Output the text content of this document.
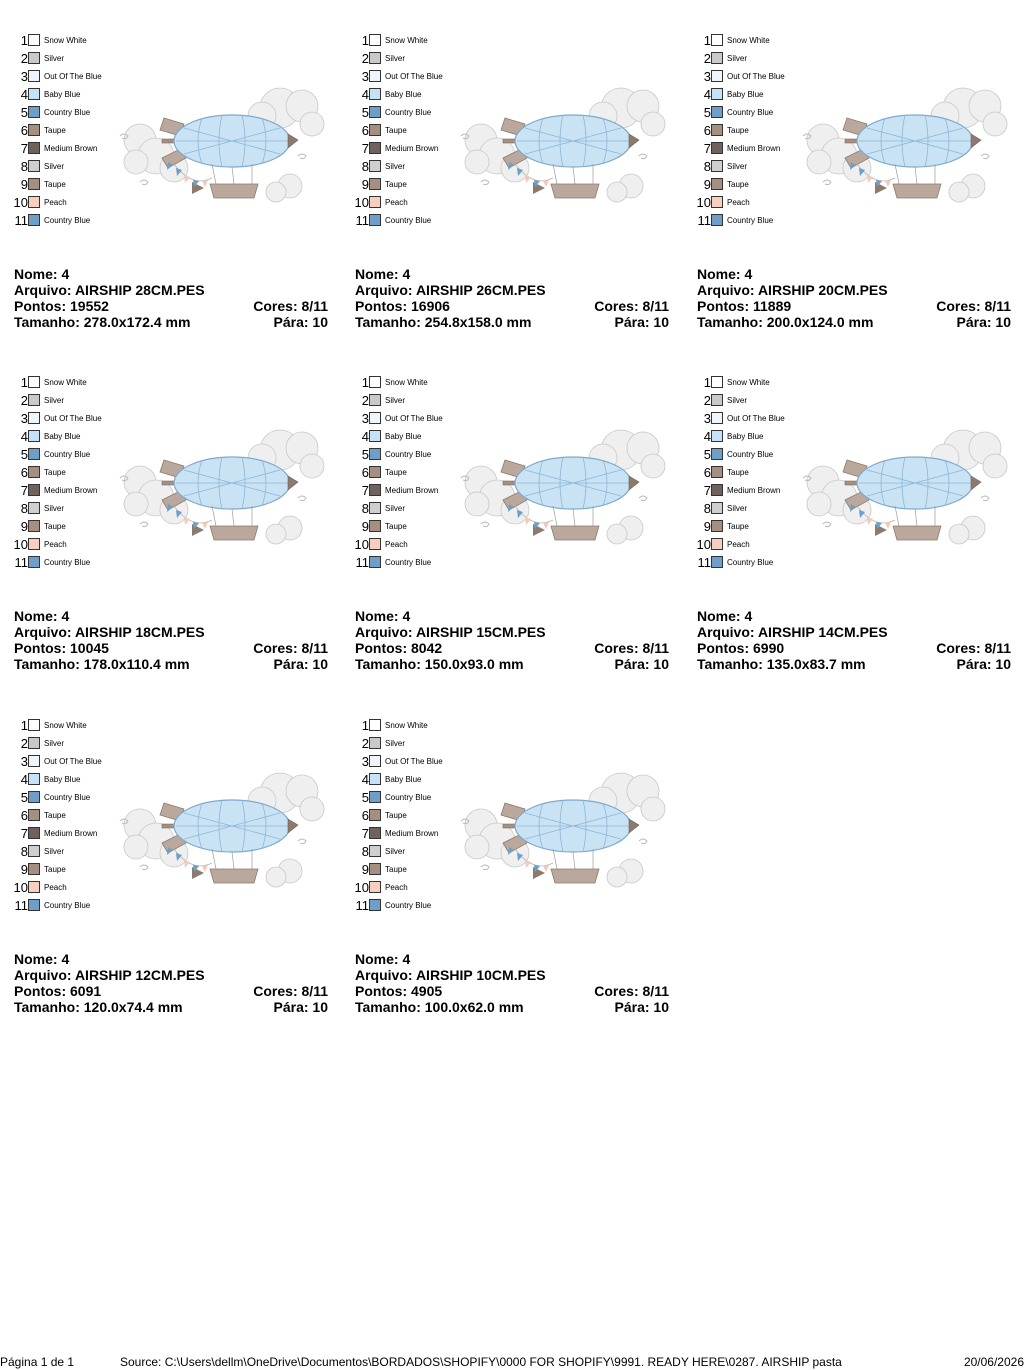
1 Snow White
2 Silver
3 Out Of The Blue
4 Baby Blue
5 Country Blue
6 Taupe
7 Medium Brown
8 Silver
9 Taupe
10 Peach
11 Country Blue
Nome: 4
Arquivo: AIRSHIP 28CM.PES
Pontos: 19552	Cores: 8/11
Tamanho: 278.0x172.4 mm	Pára: 10
1 Snow White
2 Silver
3 Out Of The Blue
4 Baby Blue
5 Country Blue
6 Taupe
7 Medium Brown
8 Silver
9 Taupe
10 Peach
11 Country Blue
Nome: 4
Arquivo: AIRSHIP 26CM.PES
Pontos: 16906	Cores: 8/11
Tamanho: 254.8x158.0 mm	Pára: 10
1 Snow White
2 Silver
3 Out Of The Blue
4 Baby Blue
5 Country Blue
6 Taupe
7 Medium Brown
8 Silver
9 Taupe
10 Peach
11 Country Blue
Nome: 4
Arquivo: AIRSHIP 20CM.PES
Pontos: 11889	Cores: 8/11
Tamanho: 200.0x124.0 mm	Pára: 10
1 Snow White
2 Silver
3 Out Of The Blue
4 Baby Blue
5 Country Blue
6 Taupe
7 Medium Brown
8 Silver
9 Taupe
10 Peach
11 Country Blue
Nome: 4
Arquivo: AIRSHIP 18CM.PES
Pontos: 10045	Cores: 8/11
Tamanho: 178.0x110.4 mm	Pára: 10
1 Snow White
2 Silver
3 Out Of The Blue
4 Baby Blue
5 Country Blue
6 Taupe
7 Medium Brown
8 Silver
9 Taupe
10 Peach
11 Country Blue
Nome: 4
Arquivo: AIRSHIP 15CM.PES
Pontos: 8042	Cores: 8/11
Tamanho: 150.0x93.0 mm	Pára: 10
1 Snow White
2 Silver
3 Out Of The Blue
4 Baby Blue
5 Country Blue
6 Taupe
7 Medium Brown
8 Silver
9 Taupe
10 Peach
11 Country Blue
Nome: 4
Arquivo: AIRSHIP 14CM.PES
Pontos: 6990	Cores: 8/11
Tamanho: 135.0x83.7 mm	Pára: 10
1 Snow White
2 Silver
3 Out Of The Blue
4 Baby Blue
5 Country Blue
6 Taupe
7 Medium Brown
8 Silver
9 Taupe
10 Peach
11 Country Blue
Nome: 4
Arquivo: AIRSHIP 12CM.PES
Pontos: 6091	Cores: 8/11
Tamanho: 120.0x74.4 mm	Pára: 10
1 Snow White
2 Silver
3 Out Of The Blue
4 Baby Blue
5 Country Blue
6 Taupe
7 Medium Brown
8 Silver
9 Taupe
10 Peach
11 Country Blue
Nome: 4
Arquivo: AIRSHIP 10CM.PES
Pontos: 4905	Cores: 8/11
Tamanho: 100.0x62.0 mm	Pára: 10
Página 1 de 1	Source: C:\Users\dellm\OneDrive\Documentos\BORDADOS\SHOPIFY\0000 FOR SHOPIFY\9991. READY HERE\0287. AIRSHIP pasta	20/06/2026
